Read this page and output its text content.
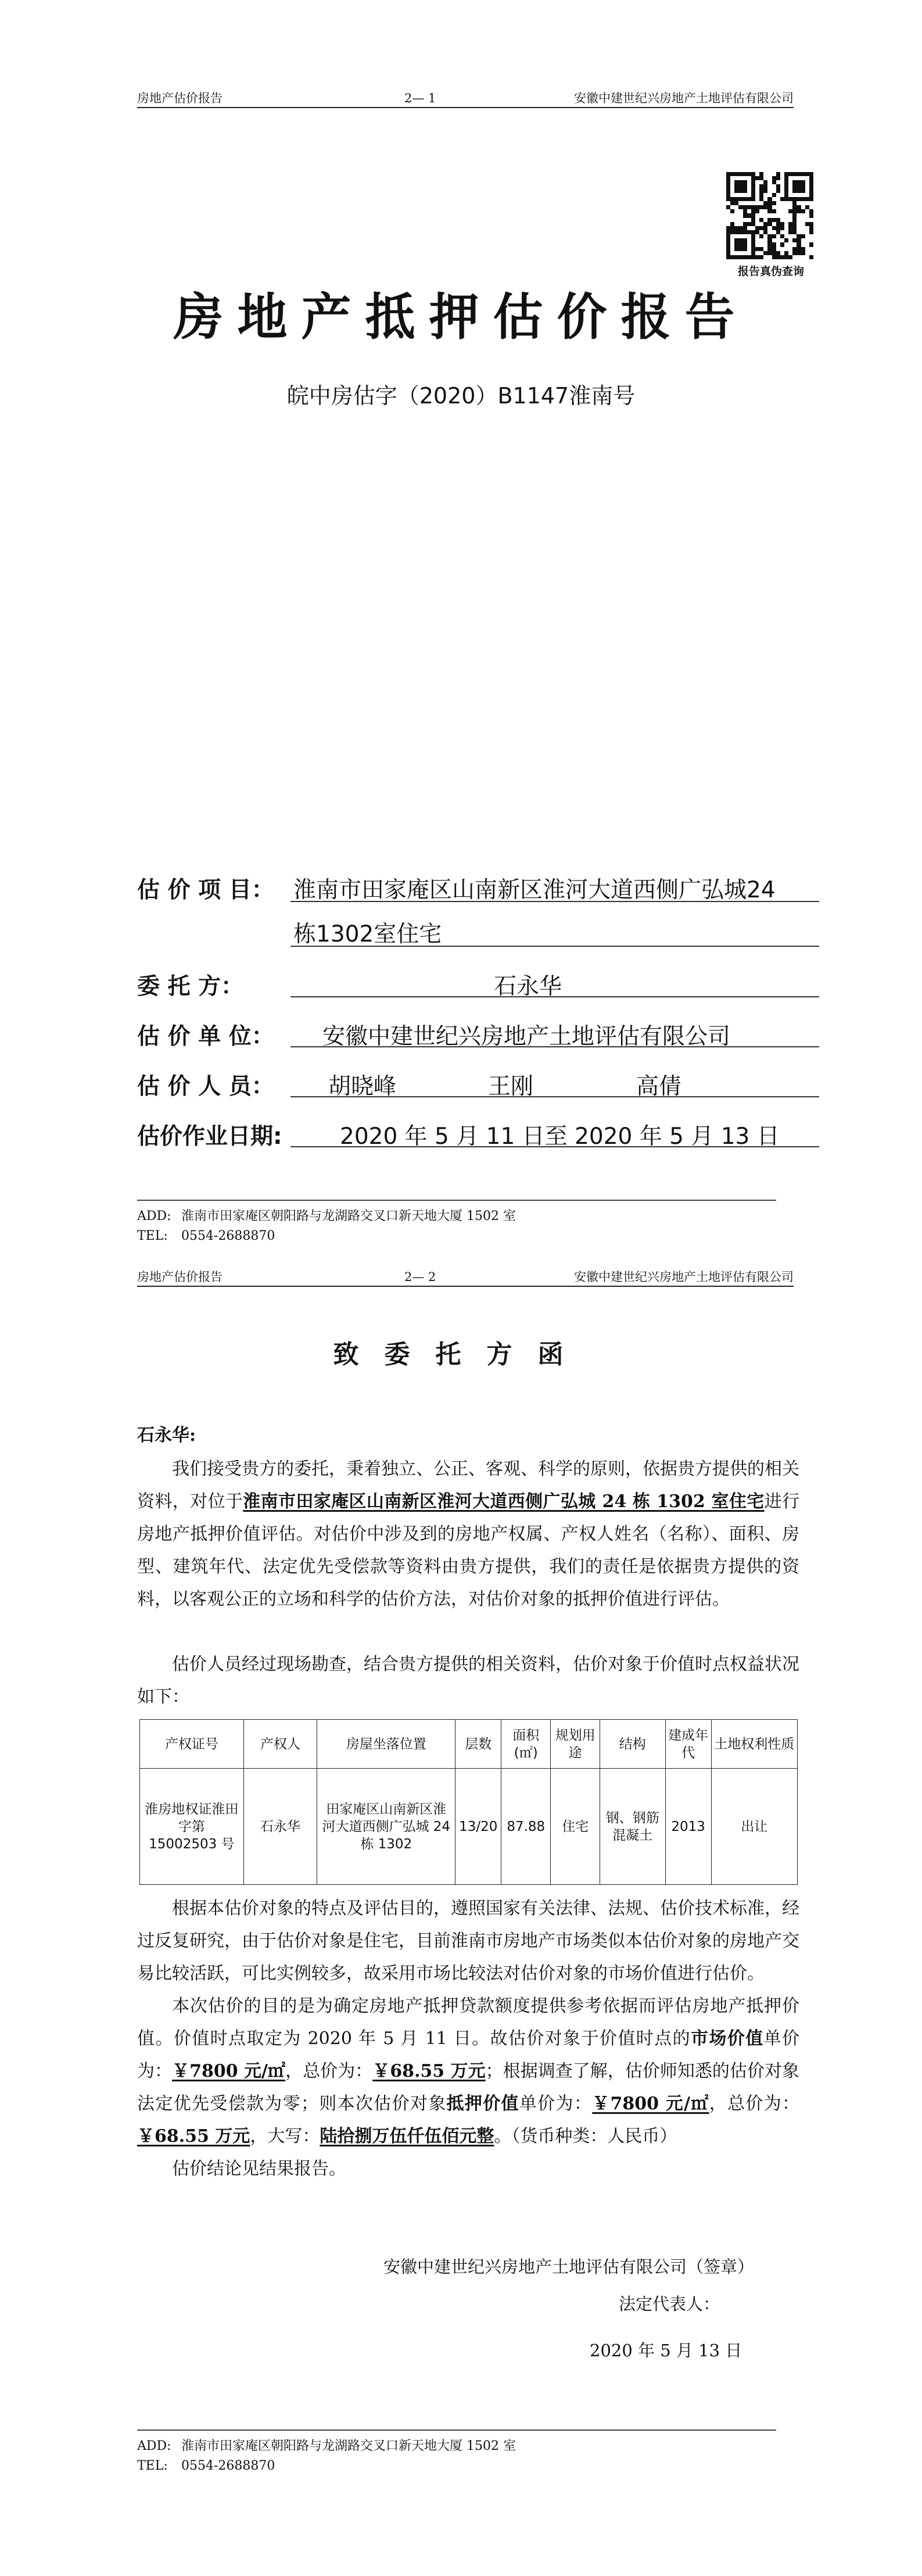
房地产估价报告	2— 1	安徽中建世纪兴房地产土地评估有限公司
报告真伪查询
房地产抵押估价报告
皖中房估字（2020）B1147淮南号
估 价 项 目： 淮南市田家庵区山南新区淮河大道西侧广弘城24
栋1302室住宅
委 托 方：	石永华
估 价 单 位： 安徽中建世纪兴房地产土地评估有限公司
估 价 人 员： 胡晓峰	王刚	高倩
估价作业日期:	2020 年 5 月 11 日至 2020 年 5 月 13 日
ADD: 淮南市田家庵区朝阳路与龙湖路交叉口新天地大厦 1502 室
TEL: 0554-2688870
房地产估价报告	2— 2	安徽中建世纪兴房地产土地评估有限公司
致委托方函
石永华:
我们接受贵方的委托，秉着独立、公正、客观、科学的原则，依据贵方提供的相关资料，对位于淮南市田家庵区山南新区淮河大道西侧广弘城 24 栋 1302 室住宅进行房地产抵押价值评估。对估价中涉及到的房地产权属、产权人姓名（名称）、面积、房型、建筑年代、法定优先受偿款等资料由贵方提供，我们的责任是依据贵方提供的资料，以客观公正的立场和科学的估价方法，对估价对象的抵押价值进行评估。
估价人员经过现场勘查，结合贵方提供的相关资料，估价对象于价值时点权益状况如下：
产权证号	产权人	房屋坐落位置	层数	面积(㎡)	规划用途	结构	建成年代	土地权利性质
淮房地权证淮田字第 15002503 号	石永华	田家庵区山南新区淮河大道西侧广弘城 24 栋 1302	13/20	87.88	住宅	钢、钢筋混凝土	2013	出让
根据本估价对象的特点及评估目的，遵照国家有关法律、法规、估价技术标准，经过反复研究，由于估价对象是住宅，目前淮南市房地产市场类似本估价对象的房地产交易比较活跃，可比实例较多，故采用市场比较法对估价对象的市场价值进行估价。
本次估价的目的是为确定房地产抵押贷款额度提供参考依据而评估房地产抵押价值。价值时点取定为 2020 年 5 月 11 日。故估价对象于价值时点的市场价值单价为：￥7800 元/㎡，总价为：￥68.55 万元；根据调查了解，估价师知悉的估价对象法定优先受偿款为零；则本次估价对象抵押价值单价为：￥7800 元/㎡，总价为：￥68.55 万元，大写：陆拾捌万伍仟伍佰元整。（货币种类：人民币）
估价结论见结果报告。
安徽中建世纪兴房地产土地评估有限公司（签章）
法定代表人：
2020 年 5 月 13 日
ADD: 淮南市田家庵区朝阳路与龙湖路交叉口新天地大厦 1502 室
TEL: 0554-2688870
